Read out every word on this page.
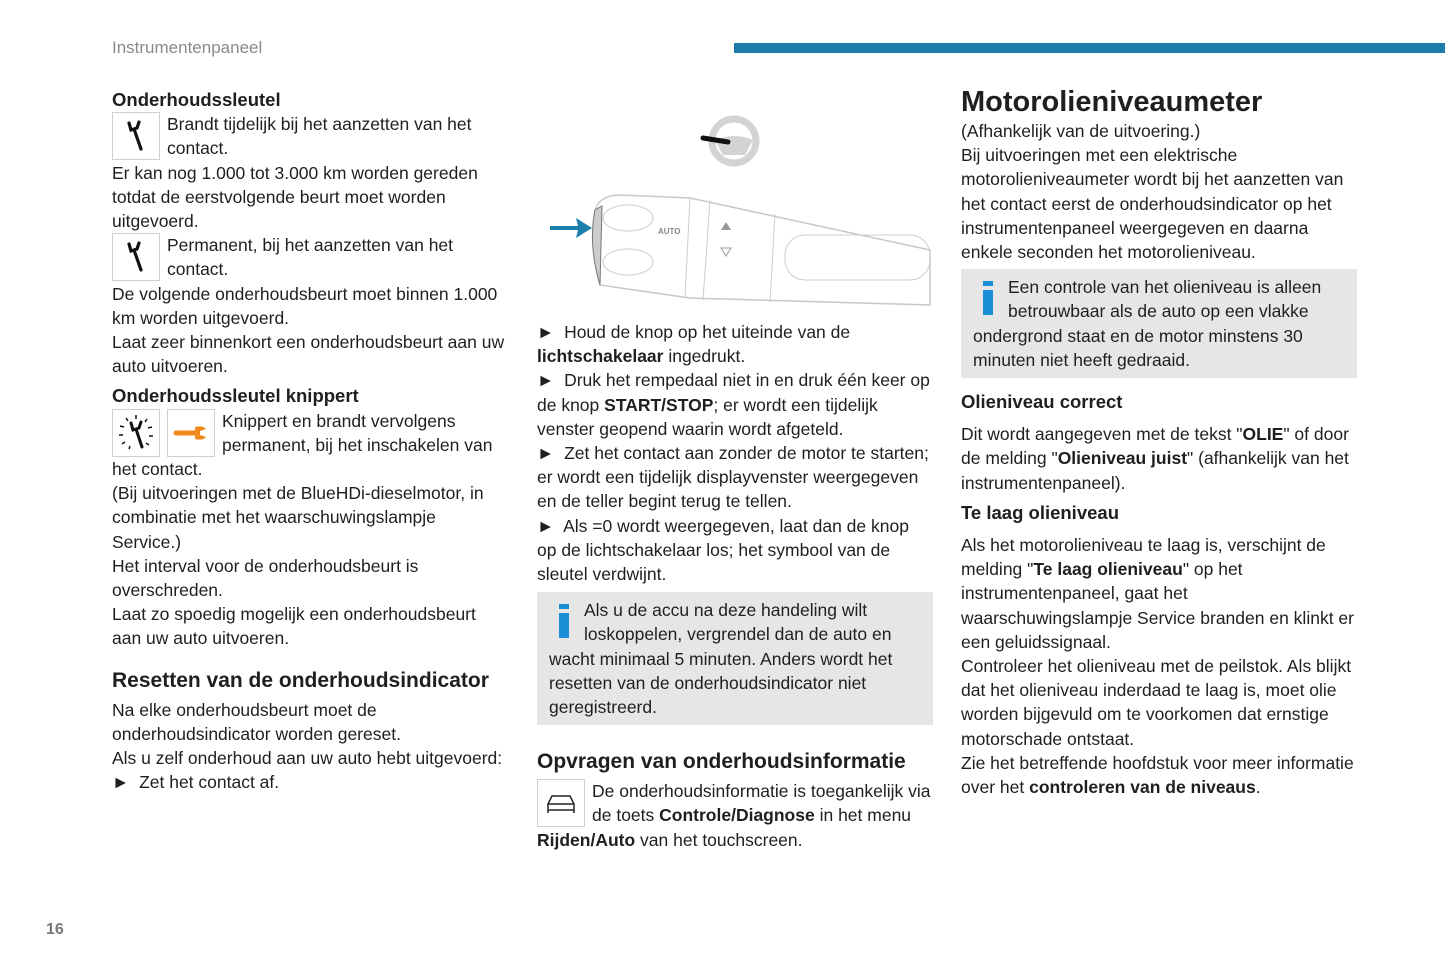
Instrumentenpaneel
16
Onderhoudssleutel

Brandt tijdelijk bij het aanzetten van het contact.

Er kan nog 1.000 tot 3.000 km worden gereden totdat de eerstvolgende beurt moet worden uitgevoerd.

Permanent, bij het aanzetten van het contact.

De volgende onderhoudsbeurt moet binnen 1.000 km worden uitgevoerd.

Laat zeer binnenkort een onderhoudsbeurt aan uw auto uitvoeren.

Onderhoudssleutel knippert
Knippert en brandt vervolgens permanent, bij het inschakelen van het contact.

(Bij uitvoeringen met de BlueHDi-dieselmotor, in combinatie met het waarschuwingslampje Service.)

Het interval voor de onderhoudsbeurt is overschreden.

Laat zo spoedig mogelijk een onderhoudsbeurt aan uw auto uitvoeren.

Resetten van de onderhoudsindicator

Na elke onderhoudsbeurt moet de onderhoudsindicator worden gereset.

Als u zelf onderhoud aan uw auto hebt uitgevoerd:

► Zet het contact af.

AUTO

► Houd de knop op het uiteinde van de lichtschakelaar ingedrukt.

► Druk het rempedaal niet in en druk één keer op de knop START/STOP; er wordt een tijdelijk venster geopend waarin wordt afgeteld.

► Zet het contact aan zonder de motor te starten; er wordt een tijdelijk displayvenster weergegeven en de teller begint terug te tellen.

► Als =0 wordt weergegeven, laat dan de knop op de lichtschakelaar los; het symbool van de sleutel verdwijnt.

Als u de accu na deze handeling wilt loskoppelen, vergrendel dan de auto en wacht minimaal 5 minuten. Anders wordt het resetten van de onderhoudsindicator niet geregistreerd.
Opvragen van onderhoudsinformatie
De onderhoudsinformatie is toegankelijk via de toets Controle/Diagnose in het menu Rijden/Auto van het touchscreen.
Motorolieniveaumeter

(Afhankelijk van de uitvoering.)

Bij uitvoeringen met een elektrische motorolieniveaumeter wordt bij het aanzetten van het contact eerst de onderhoudsindicator op het instrumentenpaneel weergegeven en daarna enkele seconden het motorolieniveau.

Een controle van het olieniveau is alleen betrouwbaar als de auto op een vlakke ondergrond staat en de motor minstens 30 minuten niet heeft gedraaid.
Olieniveau correct

Dit wordt aangegeven met de tekst "OLIE" of door de melding "Olieniveau juist" (afhankelijk van het instrumentenpaneel).

Te laag olieniveau

Als het motorolieniveau te laag is, verschijnt de melding "Te laag olieniveau" op het instrumentenpaneel, gaat het waarschuwingslampje Service branden en klinkt er een geluidssignaal.

Controleer het olieniveau met de peilstok. Als blijkt dat het olieniveau inderdaad te laag is, moet olie worden bijgevuld om te voorkomen dat ernstige motorschade ontstaat.

Zie het betreffende hoofdstuk voor meer informatie over het controleren van de niveaus.
